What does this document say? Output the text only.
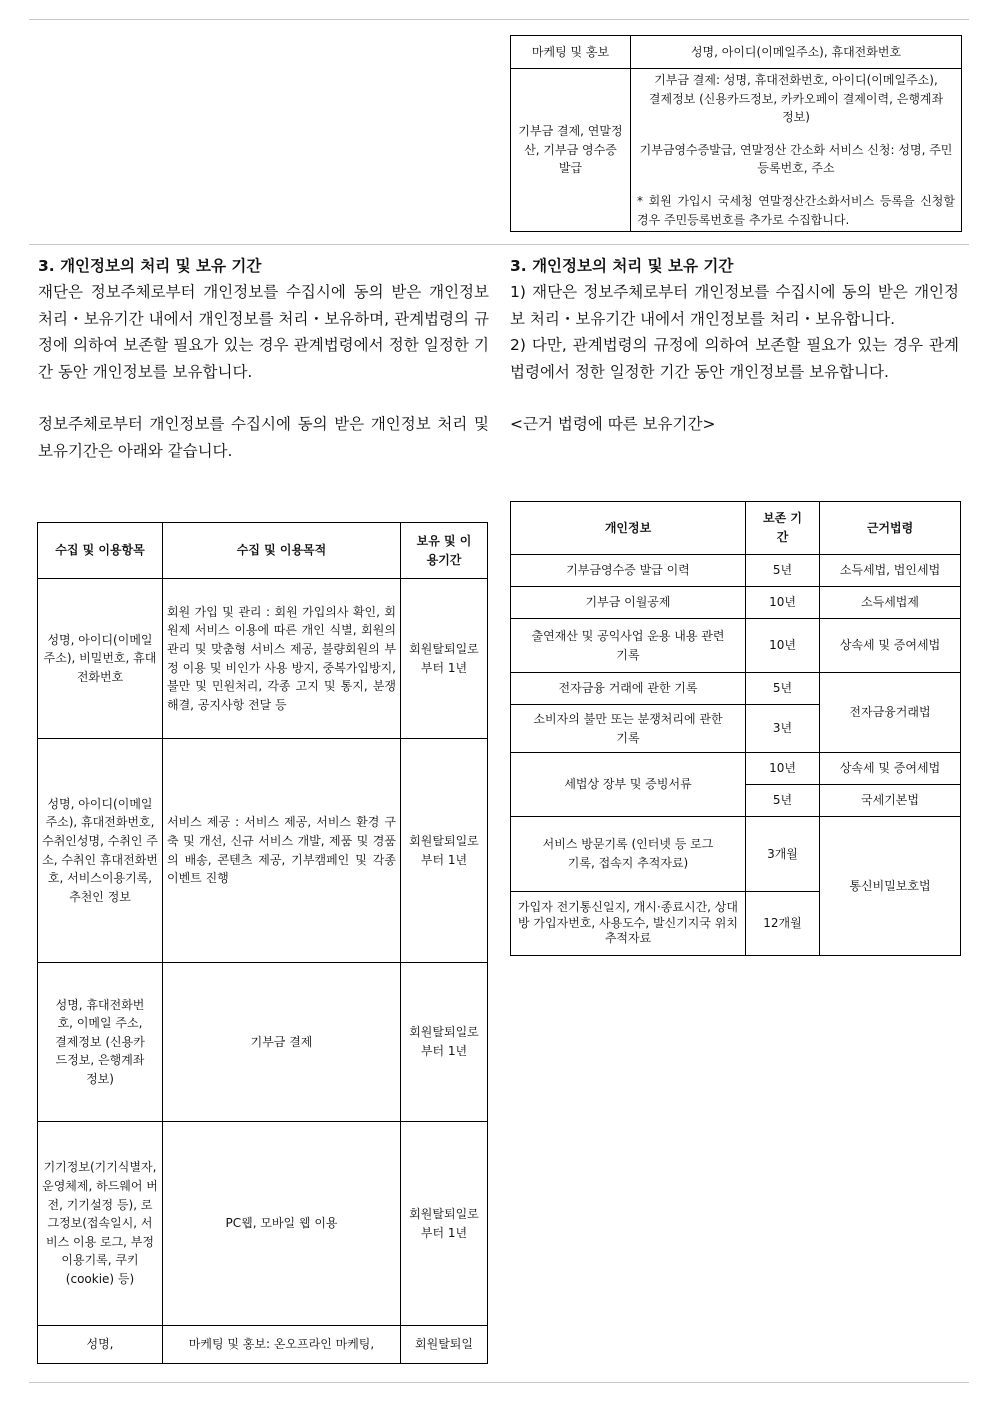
마케팅 및 홍보	성명, 아이디(이메일주소), 휴대전화번호
기부금 결제, 연말정산, 기부금 영수증 발급	기부금 결제: 성명, 휴대전화번호, 아이디(이메일주소), 결제정보 (신용카드정보, 카카오페이 결제이력, 은행계좌정보)
기부금영수증발급, 연말정산 간소화 서비스 신청: 성명, 주민등록번호, 주소
* 회원 가입시 국세청 연말정산간소화서비스 등록을 신청할 경우 주민등록번호를 추가로 수집합니다.
3. 개인정보의 처리 및 보유 기간

재단은 정보주체로부터 개인정보를 수집시에 동의 받은 개인정보 처리・보유기간 내에서 개인정보를 처리・보유하며, 관계법령의 규정에 의하여 보존할 필요가 있는 경우 관계법령에서 정한 일정한 기간 동안 개인정보를 보유합니다.

정보주체로부터 개인정보를 수집시에 동의 받은 개인정보 처리 및 보유기간은 아래와 같습니다.

수집 및 이용항목	수집 및 이용목적	보유 및 이용기간
성명, 아이디(이메일주소), 비밀번호, 휴대전화번호	회원 가입 및 관리 : 회원 가입의사 확인, 회원제 서비스 이용에 따른 개인 식별, 회원의 관리 및 맞춤형 서비스 제공, 불량회원의 부정 이용 및 비인가 사용 방지, 중복가입방지, 불만 및 민원처리, 각종 고지 및 통지, 분쟁 해결, 공지사항 전달 등	회원탈퇴일로부터 1년
성명, 아이디(이메일주소), 휴대전화번호, 수취인성명, 수취인 주소, 수취인 휴대전화번호, 서비스이용기록, 추천인 정보	서비스 제공 : 서비스 제공, 서비스 환경 구축 및 개선, 신규 서비스 개발, 제품 및 경품의 배송, 콘텐츠 제공, 기부캠페인 및 각종 이벤트 진행	회원탈퇴일로부터 1년
성명, 휴대전화번호, 이메일 주소, 결제정보 (신용카드정보, 은행계좌정보)	기부금 결제	회원탈퇴일로부터 1년
기기정보(기기식별자, 운영체제, 하드웨어 버전, 기기설정 등), 로그정보(접속일시, 서비스 이용 로그, 부정이용기록, 쿠키(cookie) 등)	PC웹, 모바일 웹 이용	회원탈퇴일로부터 1년
성명,	마케팅 및 홍보: 온오프라인 마케팅,	회원탈퇴일
3. 개인정보의 처리 및 보유 기간

1) 재단은 정보주체로부터 개인정보를 수집시에 동의 받은 개인정보 처리・보유기간 내에서 개인정보를 처리・보유합니다.

2) 다만, 관계법령의 규정에 의하여 보존할 필요가 있는 경우 관계법령에서 정한 일정한 기간 동안 개인정보를 보유합니다.

<근거 법령에 따른 보유기간>

개인정보	보존 기간	근거법령
기부금영수증 발급 이력	5년	소득세법, 법인세법
기부금 이월공제	10년	소득세법제
출연재산 및 공익사업 운용 내용 관련 기록	10년	상속세 및 증여세법
전자금융 거래에 관한 기록	5년	전자금융거래법
소비자의 불만 또는 분쟁처리에 관한 기록	3년	
세법상 장부 및 증빙서류	10년	상속세 및 증여세법
	5년	국세기본법
서비스 방문기록 (인터넷 등 로그기록, 접속지 추적자료)	3개월	통신비밀보호법
가입자 전기통신일지, 개시·종료시간, 상대방 가입자번호, 사용도수, 발신기지국 위치추적자료	12개월	
